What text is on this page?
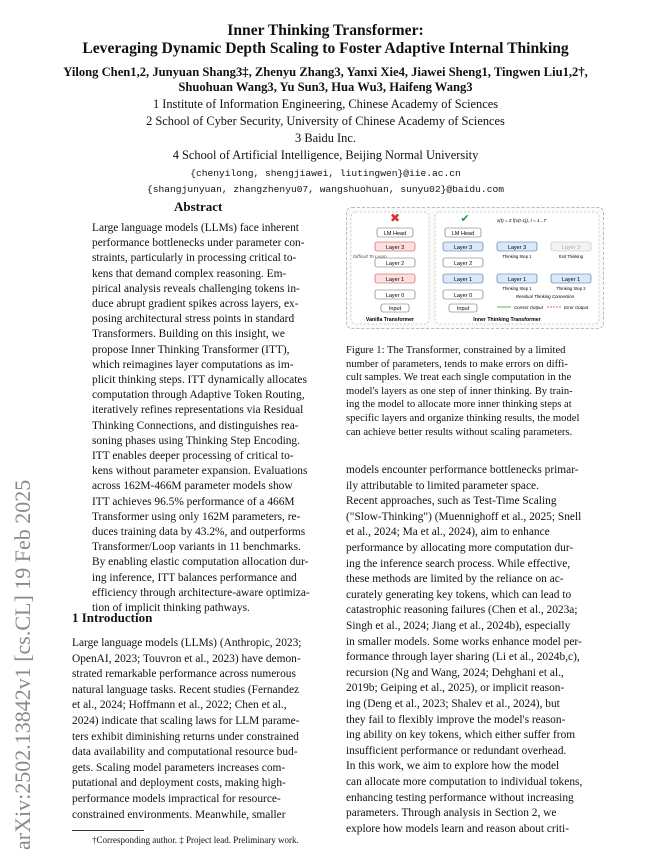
arXiv:2502.13842v1 [cs.CL] 19 Feb 2025
Inner Thinking Transformer:
Leveraging Dynamic Depth Scaling to Foster Adaptive Internal Thinking
Yilong Chen1,2, Junyuan Shang3‡, Zhenyu Zhang3, Yanxi Xie4, Jiawei Sheng1, Tingwen Liu1,2†,
Shuohuan Wang3, Yu Sun3, Hua Wu3, Haifeng Wang3
1 Institute of Information Engineering, Chinese Academy of Sciences
2 School of Cyber Security, University of Chinese Academy of Sciences
3 Baidu Inc.
4 School of Artificial Intelligence, Beijing Normal University
{chenyilong, shengjiawei, liutingwen}@iie.ac.cn
{shangjunyuan, zhangzhenyu07, wangshuohuan, sunyu02}@baidu.com
Abstract
Large language models (LLMs) face inherent
performance bottlenecks under parameter con-
straints, particularly in processing critical to-
kens that demand complex reasoning. Em-
pirical analysis reveals challenging tokens in-
duce abrupt gradient spikes across layers, ex-
posing architectural stress points in standard
Transformers. Building on this insight, we
propose Inner Thinking Transformer (ITT),
which reimagines layer computations as im-
plicit thinking steps. ITT dynamically allocates
computation through Adaptive Token Routing,
iteratively refines representations via Residual
Thinking Connections, and distinguishes rea-
soning phases using Thinking Step Encoding.
ITT enables deeper processing of critical to-
kens without parameter expansion. Evaluations
across 162M-466M parameter models show
ITT achieves 96.5% performance of a 466M
Transformer using only 162M parameters, re-
duces training data by 43.2%, and outperforms
Transformer/Loop variants in 11 benchmarks.
By enabling elastic computation allocation dur-
ing inference, ITT balances performance and
efficiency through architecture-aware optimiza-
tion of implicit thinking pathways.
✖
LM Head
Layer 3
Layer 2
Layer 1
Layer 0
Input
Difficult To Learn
Vanilla Transformer
✔
LM Head
x(t) = Σ f(x(t-1)), t = 1...T
Layer 3	Layer 3	Layer 3
Thinking Step 1	Exit Thinking
Layer 2
Layer 1	Layer 1	Layer 1
Thinking Step 1	Thinking Step 2
Residual Thinking Connection
Layer 0
Input	Correct Output	Error Output
Inner Thinking Transformer
Figure 1: The Transformer, constrained by a limited
number of parameters, tends to make errors on diffi-
cult samples. We treat each single computation in the
model's layers as one step of inner thinking. By train-
ing the model to allocate more inner thinking steps at
specific layers and organize thinking results, the model
can achieve better results without scaling parameters.
1 Introduction
Large language models (LLMs) (Anthropic, 2023;
OpenAI, 2023; Touvron et al., 2023) have demon-
strated remarkable performance across numerous
natural language tasks. Recent studies (Fernandez
et al., 2024; Hoffmann et al., 2022; Chen et al.,
2024) indicate that scaling laws for LLM parame-
ters exhibit diminishing returns under constrained
data availability and computational resource bud-
gets. Scaling model parameters increases com-
putational and deployment costs, making high-
performance models impractical for resource-
constrained environments. Meanwhile, smaller
models encounter performance bottlenecks primar-
ily attributable to limited parameter space.
Recent approaches, such as Test-Time Scaling
("Slow-Thinking") (Muennighoff et al., 2025; Snell
et al., 2024; Ma et al., 2024), aim to enhance
performance by allocating more computation dur-
ing the inference search process. While effective,
these methods are limited by the reliance on ac-
curately generating key tokens, which can lead to
catastrophic reasoning failures (Chen et al., 2023a;
Singh et al., 2024; Jiang et al., 2024b), especially
in smaller models. Some works enhance model per-
formance through layer sharing (Li et al., 2024b,c),
recursion (Ng and Wang, 2024; Dehghani et al.,
2019b; Geiping et al., 2025), or implicit reason-
ing (Deng et al., 2023; Shalev et al., 2024), but
they fail to flexibly improve the model's reason-
ing ability on key tokens, which either suffer from
insufficient performance or redundant overhead.
In this work, we aim to explore how the model
can allocate more computation to individual tokens,
enhancing testing performance without increasing
parameters. Through analysis in Section 2, we
explore how models learn and reason about criti-
†Corresponding author. ‡ Project lead. Preliminary work.
